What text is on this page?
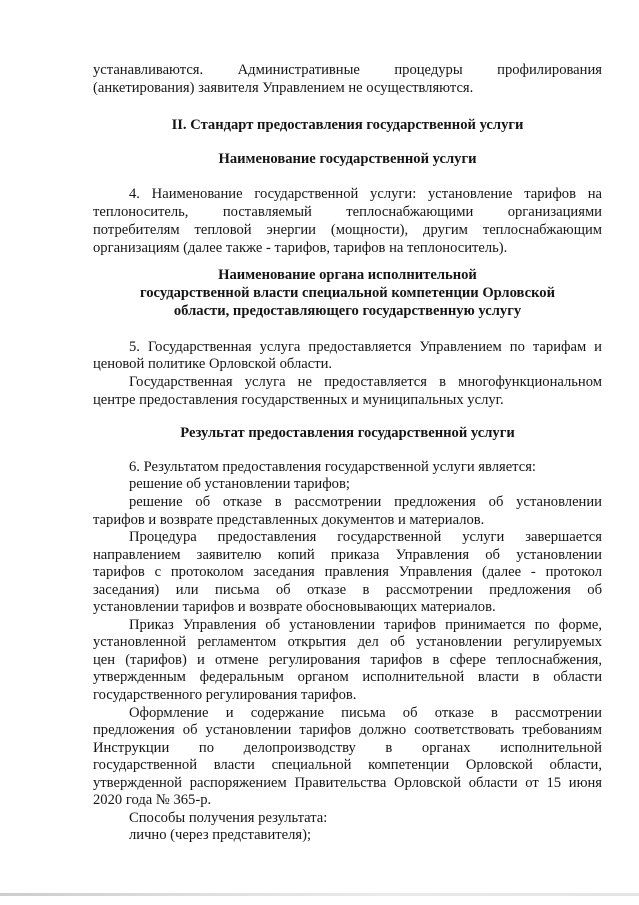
устанавливаются. Административные процедуры профилирования
(анкетирования) заявителя Управлением не осуществляются.
II. Стандарт предоставления государственной услуги
Наименование государственной услуги
4. Наименование государственной услуги: установление тарифов на
теплоноситель, поставляемый теплоснабжающими организациями
потребителям тепловой энергии (мощности), другим теплоснабжающим
организациям (далее также - тарифов, тарифов на теплоноситель).
Наименование органа исполнительной
государственной власти специальной компетенции Орловской
области, предоставляющего государственную услугу
5. Государственная услуга предоставляется Управлением по тарифам и
ценовой политике Орловской области.
Государственная услуга не предоставляется в многофункциональном
центре предоставления государственных и муниципальных услуг.
Результат предоставления государственной услуги
6. Результатом предоставления государственной услуги является:
решение об установлении тарифов;
решение об отказе в рассмотрении предложения об установлении
тарифов и возврате представленных документов и материалов.
Процедура предоставления государственной услуги завершается
направлением заявителю копий приказа Управления об установлении
тарифов с протоколом заседания правления Управления (далее - протокол
заседания) или письма об отказе в рассмотрении предложения об
установлении тарифов и возврате обосновывающих материалов.
Приказ Управления об установлении тарифов принимается по форме,
установленной регламентом открытия дел об установлении регулируемых
цен (тарифов) и отмене регулирования тарифов в сфере теплоснабжения,
утвержденным федеральным органом исполнительной власти в области
государственного регулирования тарифов.
Оформление и содержание письма об отказе в рассмотрении
предложения об установлении тарифов должно соответствовать требованиям
Инструкции по делопроизводству в органах исполнительной
государственной власти специальной компетенции Орловской области,
утвержденной распоряжением Правительства Орловской области от 15 июня
2020 года № 365-р.
Способы получения результата:
лично (через представителя);
